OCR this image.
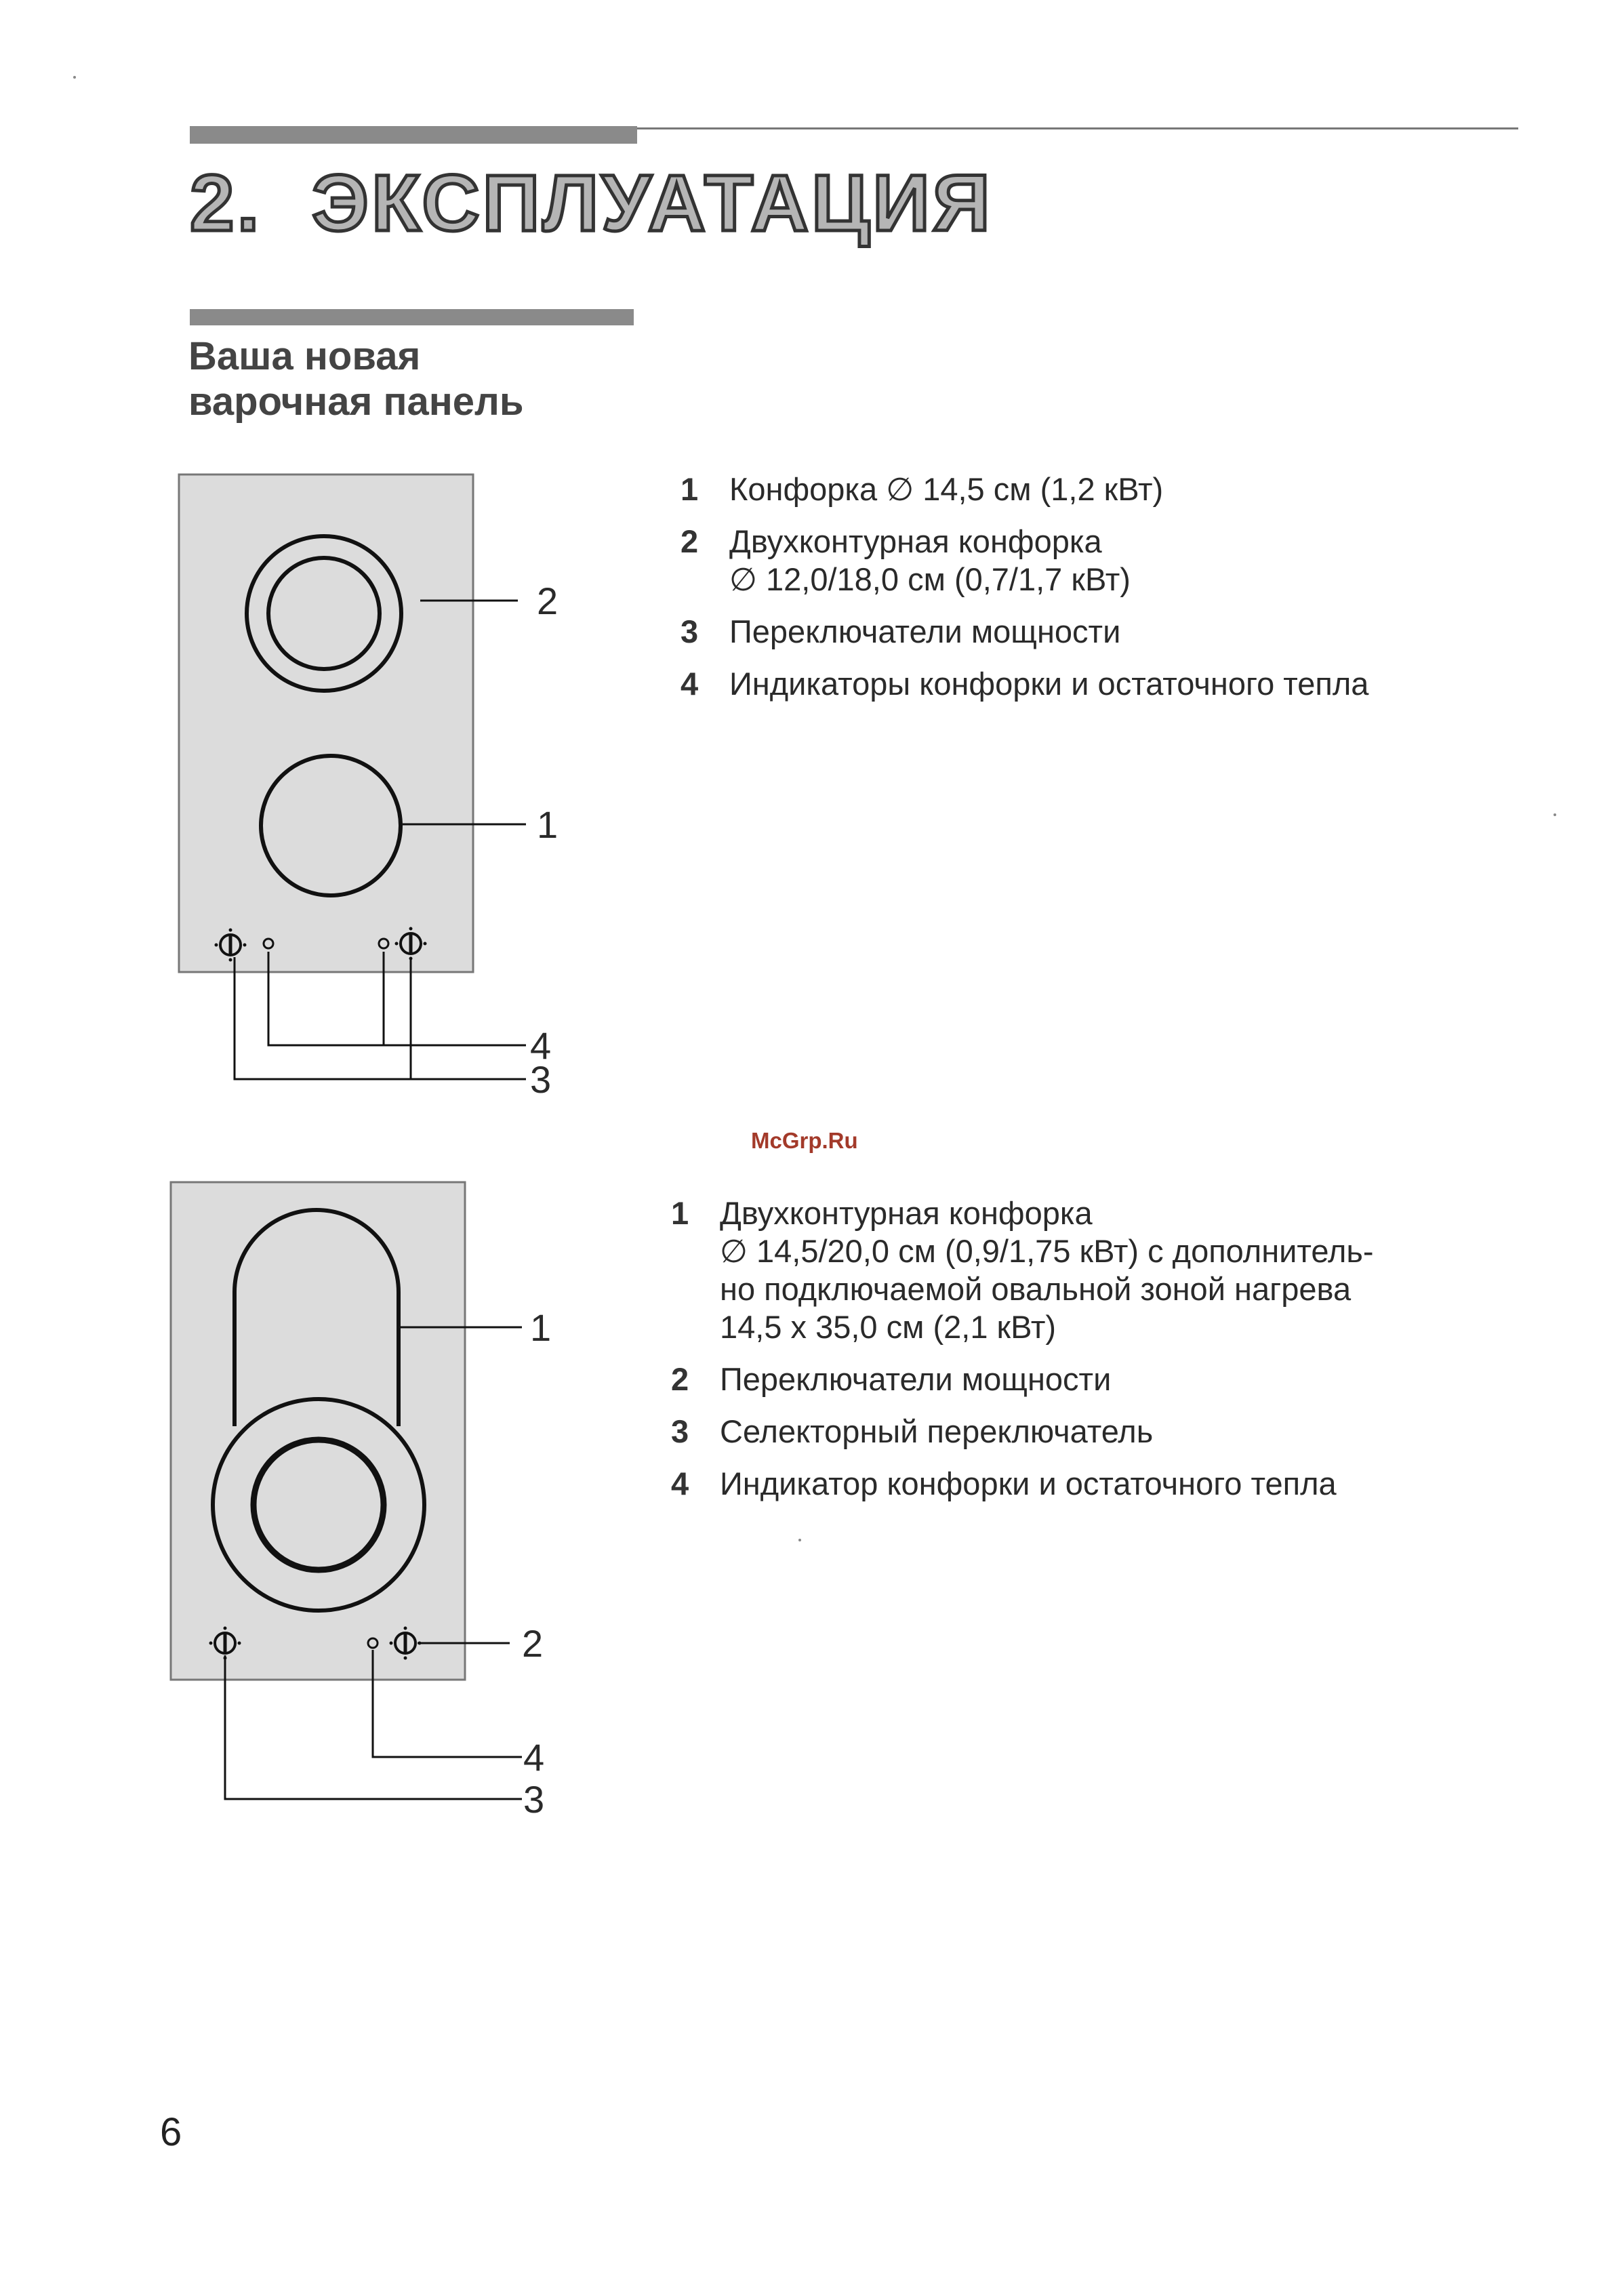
2. ЭКСПЛУАТАЦИЯ
Ваша новая
варочная панель
2
1
4
3
1 Конфорка ∅ 14,5 см (1,2 кВт)
2 Двухконтурная конфорка
∅ 12,0/18,0 см (0,7/1,7 кВт)
3 Переключатели мощности
4 Индикаторы конфорки и остаточного тепла
McGrp.Ru
1
2
4
3
1 Двухконтурная конфорка
∅ 14,5/20,0 см (0,9/1,75 кВт) с дополнитель-
но подключаемой овальной зоной нагрева
14,5 x 35,0 см (2,1 кВт)
2 Переключатели мощности
3 Селекторный переключатель
4 Индикатор конфорки и остаточного тепла
6
